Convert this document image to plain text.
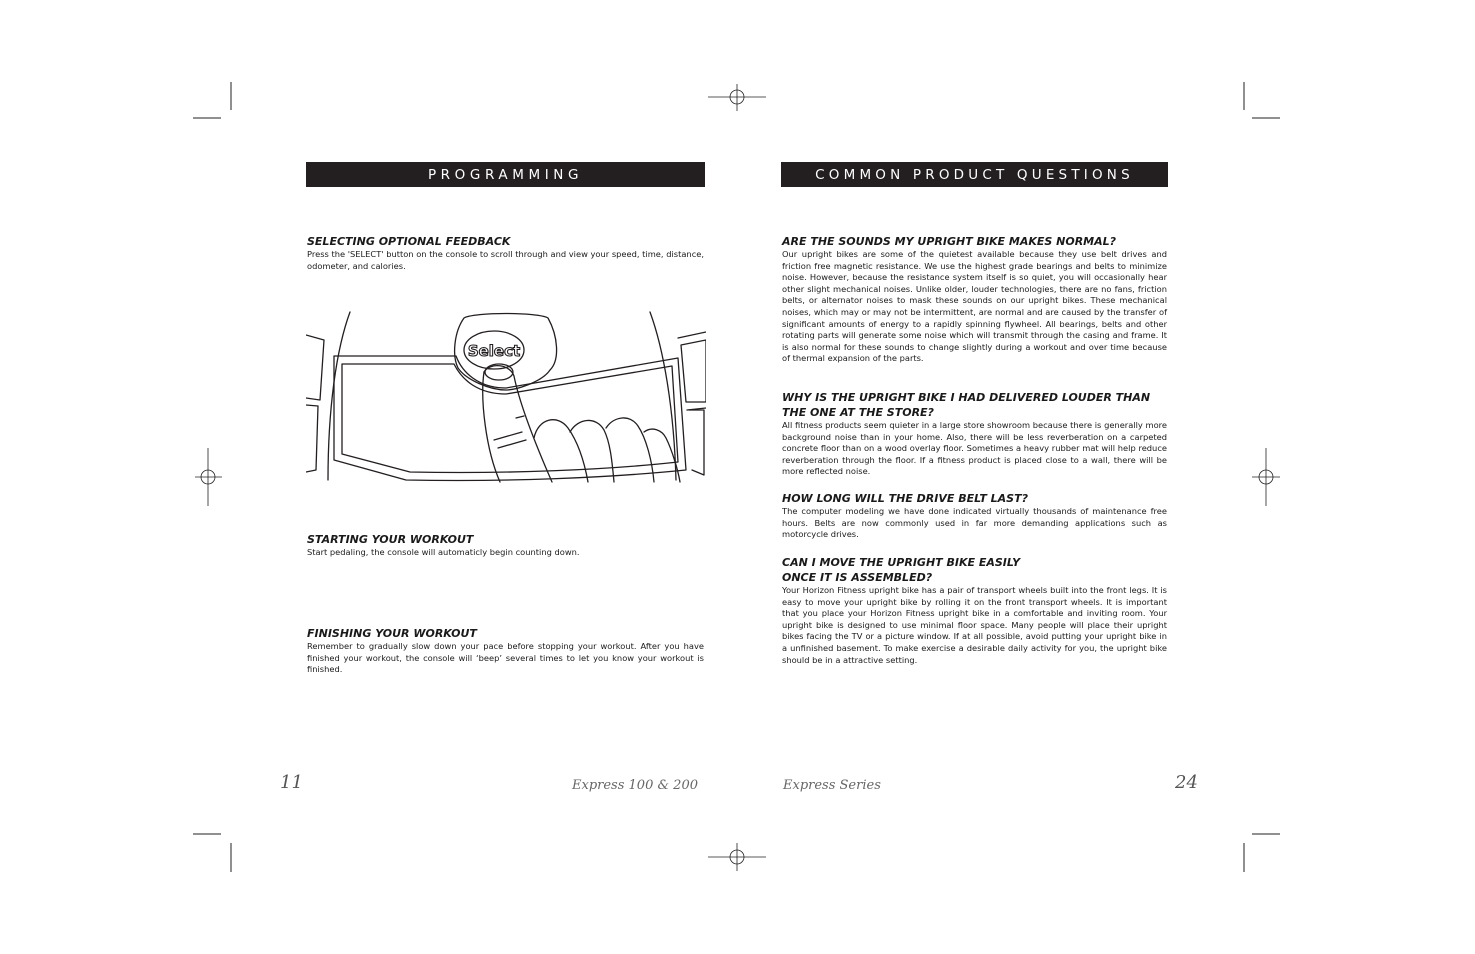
PROGRAMMING

SELECTING OPTIONAL FEEDBACK

Press the 'SELECT' button on the console to scroll through and view your speed, time, distance, odometer, and calories.

Select

STARTING YOUR WORKOUT

Start pedaling, the console will automaticly begin counting down.

FINISHING YOUR WORKOUT

Remember to gradually slow down your pace before stopping your workout. After you have finished your workout, the console will ‘beep’ several times to let you know your workout is finished.

11	Express 100 & 200
COMMON PRODUCT QUESTIONS

ARE THE SOUNDS MY UPRIGHT BIKE MAKES NORMAL?

Our upright bikes are some of the quietest available because they use belt drives and friction free magnetic resistance. We use the highest grade bearings and belts to minimize noise. However, because the resistance system itself is so quiet, you will occasionally hear other slight mechanical noises. Unlike older, louder technologies, there are no fans, friction belts, or alternator noises to mask these sounds on our upright bikes. These mechanical noises, which may or may not be intermittent, are normal and are caused by the transfer of significant amounts of energy to a rapidly spinning flywheel. All bearings, belts and other rotating parts will generate some noise which will transmit through the casing and frame. It is also normal for these sounds to change slightly during a workout and over time because of thermal expansion of the parts.

WHY IS THE UPRIGHT BIKE I HAD DELIVERED LOUDER THAN THE ONE AT THE STORE?

All fitness products seem quieter in a large store showroom because there is generally more background noise than in your home. Also, there will be less reverberation on a carpeted concrete floor than on a wood overlay floor. Sometimes a heavy rubber mat will help reduce reverberation through the floor. If a fitness product is placed close to a wall, there will be more reflected noise.

HOW LONG WILL THE DRIVE BELT LAST?

The computer modeling we have done indicated virtually thousands of maintenance free hours. Belts are now commonly used in far more demanding applications such as motorcycle drives.

CAN I MOVE THE UPRIGHT BIKE EASILY ONCE IT IS ASSEMBLED?

Your Horizon Fitness upright bike has a pair of transport wheels built into the front legs. It is easy to move your upright bike by rolling it on the front transport wheels. It is important that you place your Horizon Fitness upright bike in a comfortable and inviting room. Your upright bike is designed to use minimal floor space. Many people will place their upright bikes facing the TV or a picture window. If at all possible, avoid putting your upright bike in a unfinished basement. To make exercise a desirable daily activity for you, the upright bike should be in a attractive setting.

Express Series	24
